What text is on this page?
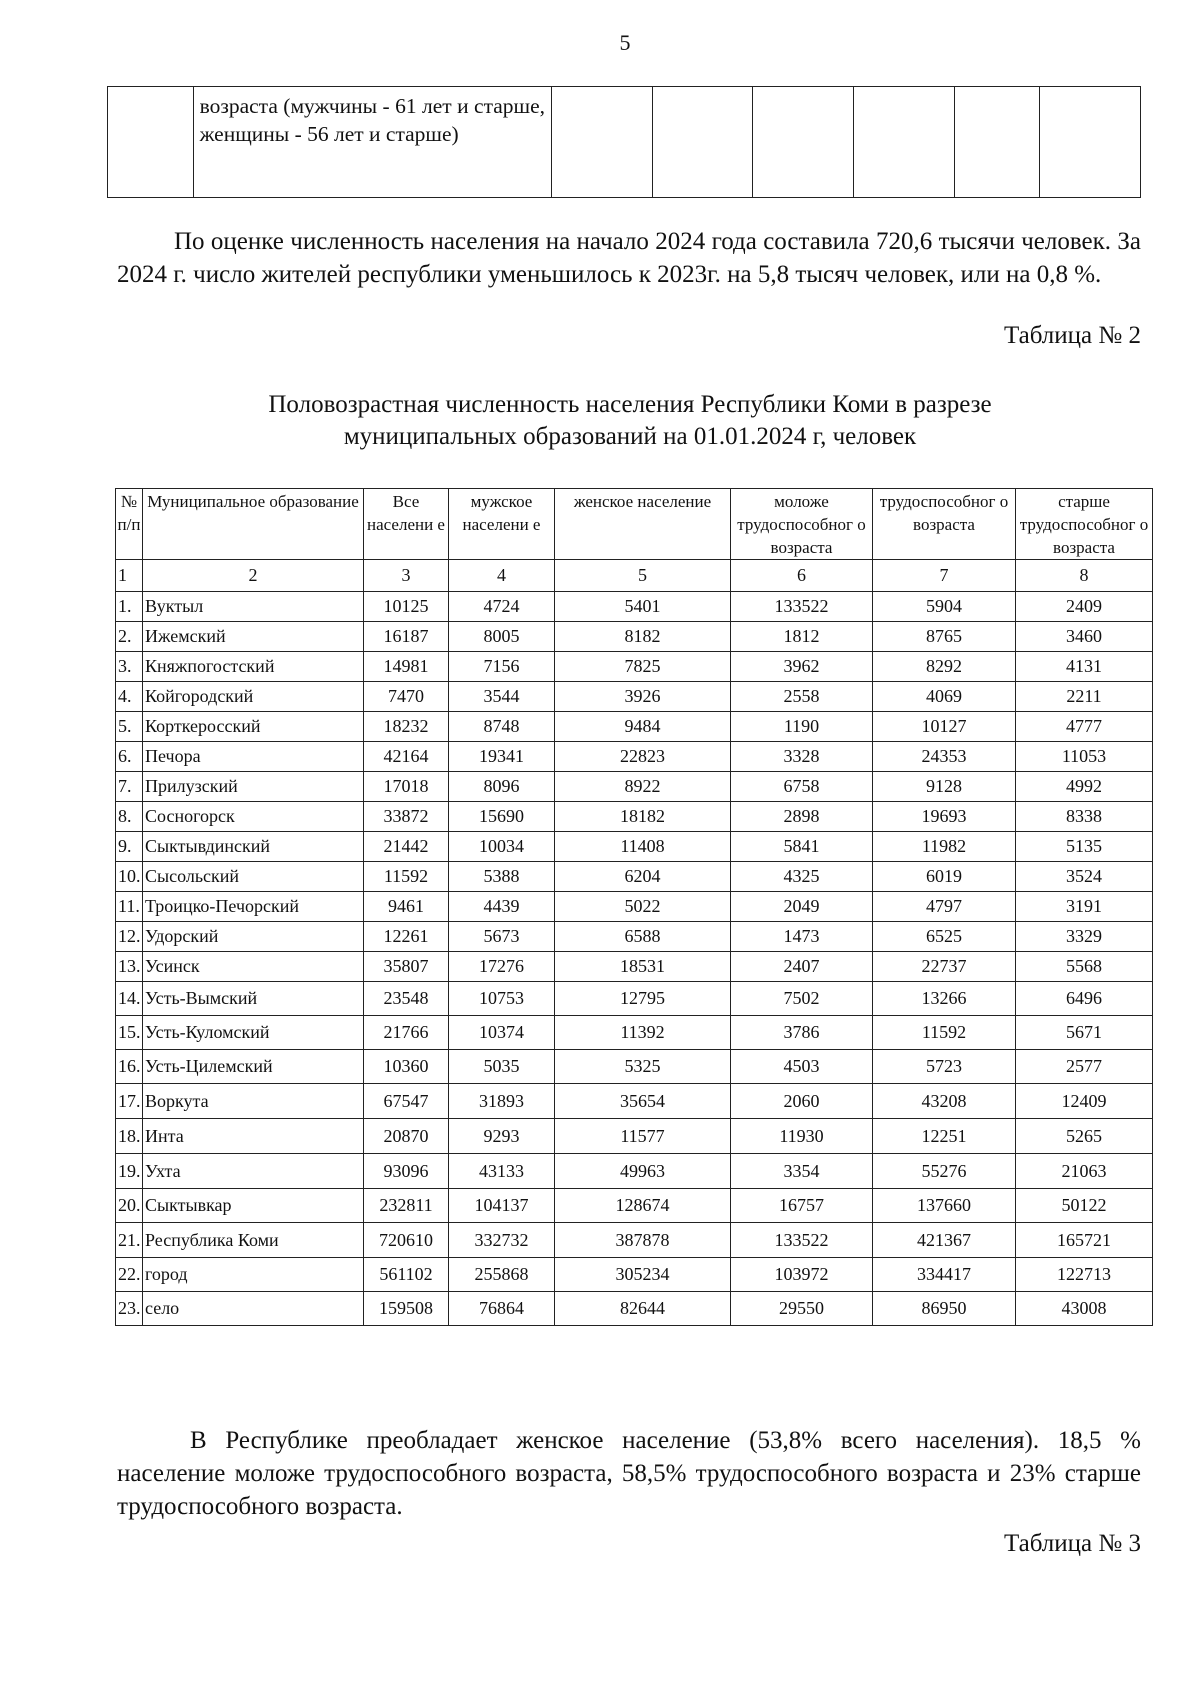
5
	возраста (мужчины - 61 лет и старше, женщины - 56 лет и старше)						

По оценке численность населения на начало 2024 года составила 720,6 тысячи человек. За 2024 г. число жителей республики уменьшилось к 2023г. на 5,8 тысяч человек, или на 0,8 %.

Таблица № 2
Половозрастная численность населения Республики Коми в разрезе
муниципальных образований на 01.01.2024 г, человек
№ п/п	Муниципальное образование	Все населени е	мужское населени е	женское население	моложе трудоспособног о возраста	трудоспособног о возраста	старше трудоспособног о возраста
1	2	3	4	5	6	7	8
1.	Вуктыл	10125	4724	5401	133522	5904	2409
2.	Ижемский	16187	8005	8182	1812	8765	3460
3.	Княжпогостский	14981	7156	7825	3962	8292	4131
4.	Койгородский	7470	3544	3926	2558	4069	2211
5.	Корткеросский	18232	8748	9484	1190	10127	4777
6.	Печора	42164	19341	22823	3328	24353	11053
7.	Прилузский	17018	8096	8922	6758	9128	4992
8.	Сосногорск	33872	15690	18182	2898	19693	8338
9.	Сыктывдинский	21442	10034	11408	5841	11982	5135
10.	Сысольский	11592	5388	6204	4325	6019	3524
11.	Троицко-Печорский	9461	4439	5022	2049	4797	3191
12.	Удорский	12261	5673	6588	1473	6525	3329
13.	Усинск	35807	17276	18531	2407	22737	5568
14.	Усть-Вымский	23548	10753	12795	7502	13266	6496
15.	Усть-Куломский	21766	10374	11392	3786	11592	5671
16.	Усть-Цилемский	10360	5035	5325	4503	5723	2577
17.	Воркута	67547	31893	35654	2060	43208	12409
18.	Инта	20870	9293	11577	11930	12251	5265
19.	Ухта	93096	43133	49963	3354	55276	21063
20.	Сыктывкар	232811	104137	128674	16757	137660	50122
21.	Республика Коми	720610	332732	387878	133522	421367	165721
22.	город	561102	255868	305234	103972	334417	122713
23.	село	159508	76864	82644	29550	86950	43008

В Республике преобладает женское население (53,8% всего населения). 18,5 % население моложе трудоспособного возраста, 58,5% трудоспособного возраста и 23% старше трудоспособного возраста.

Таблица № 3
